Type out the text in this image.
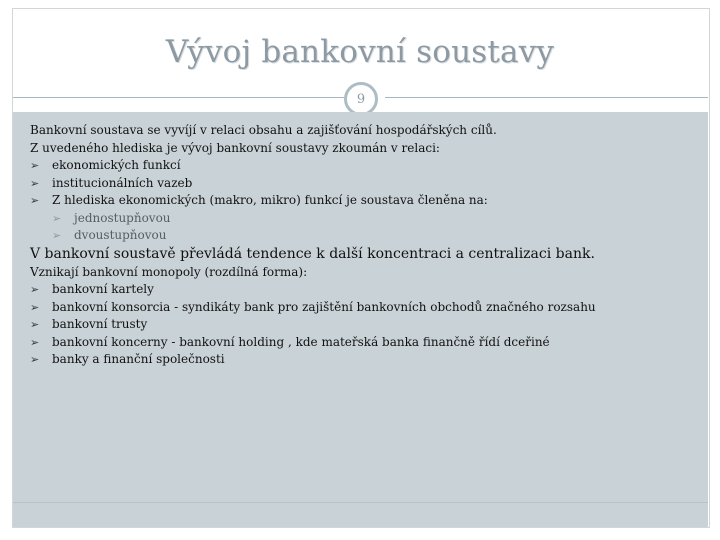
Vývoj bankovní soustavy
9
Bankovní soustava se vyvíjí v relaci obsahu a zajišťování hospodářských cílů.
Z uvedeného hlediska je vývoj bankovní soustavy zkoumán v relaci:
➢ ekonomických funkcí
➢ institucionálních vazeb
➢ Z hlediska ekonomických (makro, mikro) funkcí je soustava členěna na:
➢ jednostupňovou
➢ dvoustupňovou
V bankovní soustavě převládá tendence k další koncentraci a centralizaci bank.
Vznikají bankovní monopoly (rozdílná forma):
➢ bankovní kartely
➢ bankovní konsorcia - syndikáty bank pro zajištění bankovních obchodů značného rozsahu
➢ bankovní trusty
➢ bankovní koncerny - bankovní holding , kde mateřská banka finančně řídí dceřiné
➢ banky a finanční společnosti
